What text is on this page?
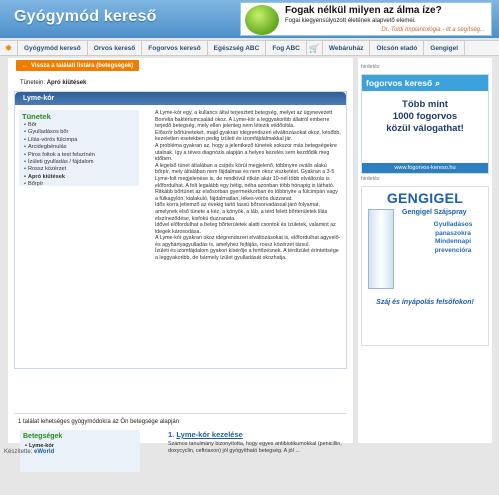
Gyógymód kereső	Fogak nélkül milyen az álma íze?
Fogai kiegyensúlyozott életének alapvető elemei.
Dr. Toldi Implantológia - itt a segítség...
✸	Gyógymód kereső	Orvos kereső	Fogorvos kereső	Egészség ABC	Fog ABC	🛒	Webáruház	Olcsón eladó	Gengigel
← Vissza a találati listára (betegségek)
Tünetein: Apró kiütések
Lyme-kór
Tünetek
• Bőr
• Gyulladásos bőr
• Lilás-vörös fülcimpa
• Arcidegbénulás
• Piros foltok a test felszínén
• Ízületi gyulladás / fájdalom
• Rossz közérzet
• Apró kiütések
• Bőrpír

A Lyme-kór egy, a kullancs által terjesztett betegség, melyet az úgynevezett Borrelia baktériumcsalád okoz. A Lyme-kór a leggyakoribb állatról emberre terjedő betegség, mely ellen jelenleg nem létezik védőoltás.

Először bőrtüneteket, majd gyakran idegrendszeri elváltozásokat okoz, később, kezeletlen esetekben pedig ízületi és izomfájdalmakkal jár.

A probléma gyakran az, hogy a jelentkező tünetek sokszor más betegségekre utalnak, így a téves diagnózis alapján a helyes kezelés sem kezdődik meg időben.

A legelső tünet általában a csípés körül megjelenő, többnyire ovális alakú bőrpír, mely általában nem fájdalmas és nem okoz viszketést. Gyakran a 3-5 Lyme-folt megjelenése is, de rendkívül ritkán akár 10-nél több elváltozás is előfordulhat. A folt legalább egy hétig, néha azonban több hónapig is látható.

Ritkább bőrtünet az elsősorban gyermekkorban és többnyire a fülcimpán vagy a fülkagylón, kialakuló, fájdalmatlan, lékes-vörös duzzanat.

Idős korra jellemző az évekig tartó lassú bőrsorvadással járó folyamat, amelynek első tünete a kéz, a könyök, a láb, a térd felett bőrterületek lilás elszíneződése, kisfokú duzzanata.

Idővel előfordulhat a beteg bőrterületek alatti csontok és ízületek, valamint az idegek károsodása.

A Lyme-kór gyakran okoz idegrendszeri elváltozásokat is, előfordulhat agyvelő- és agyhártyagyulladás is, amelyhez fejfájás, rossz közérzet társul.

Ízületi és izomfájdalom gyakori kísérője a fertőzésnek. A térdízület érintettsége a leggyakoribb, de bármely ízület gyulladását okozhatja.

1 találat lehetséges gyógymódokra az Ön betegsége alapján
Betegségek
• Lyme-kór
1. Lyme-kór kezelése
Számos tanulmány bizonyította, hogy egyes antibiotikumokkal (penicillin, doxycyclin, ceftriaxon) jól gyógyítható betegség. A jól ...
hirdetés
fogorvos kereső ⌕
Több mint
1000 fogorvos
közül válogathat!
www.fogorvos-kereso.hu
hirdetés
GENGIGEL
Gengigel Szájspray
Gyulladásos
panaszokra
Mindennapi
prevencióra
Száj és ínyápolás felsőfokon!
Készítette: eWorld
